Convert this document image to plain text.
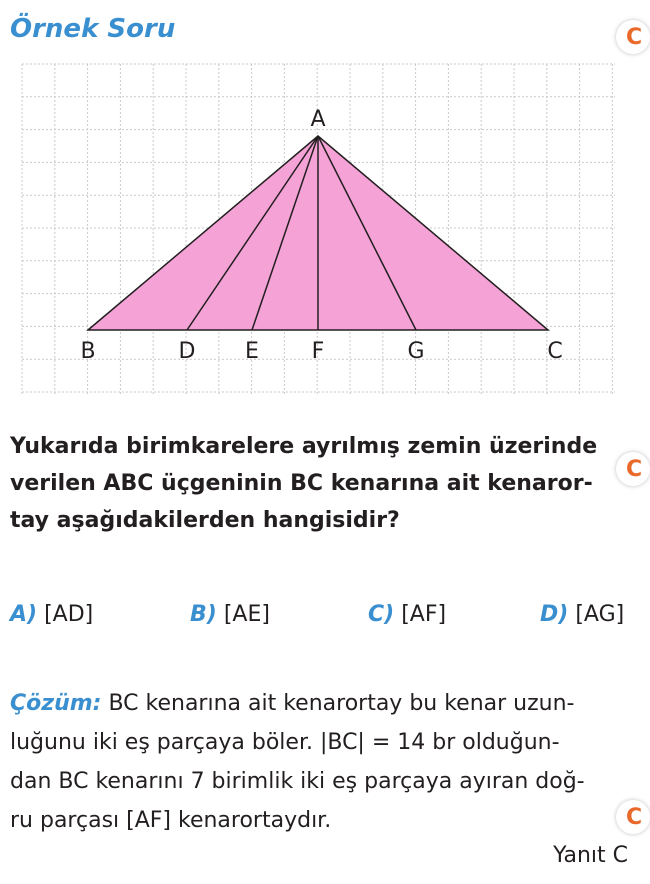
Örnek Soru	C
C
C
A
B	D E F	G	C
Yukarıda birimkarelere ayrılmış zemin üzerinde
verilen ABC üçgeninin BC kenarına ait kenaror-
tay aşağıdakilerden hangisidir?
A) [AD]	B) [AE]	C) [AF]	D) [AG]
Çözüm: BC kenarına ait kenarortay bu kenar uzun-
luğunu iki eş parçaya böler. |BC| = 14 br olduğun-
dan BC kenarını 7 birimlik iki eş parçaya ayıran doğ-
ru parçası [AF] kenarortaydır.
Yanıt C
